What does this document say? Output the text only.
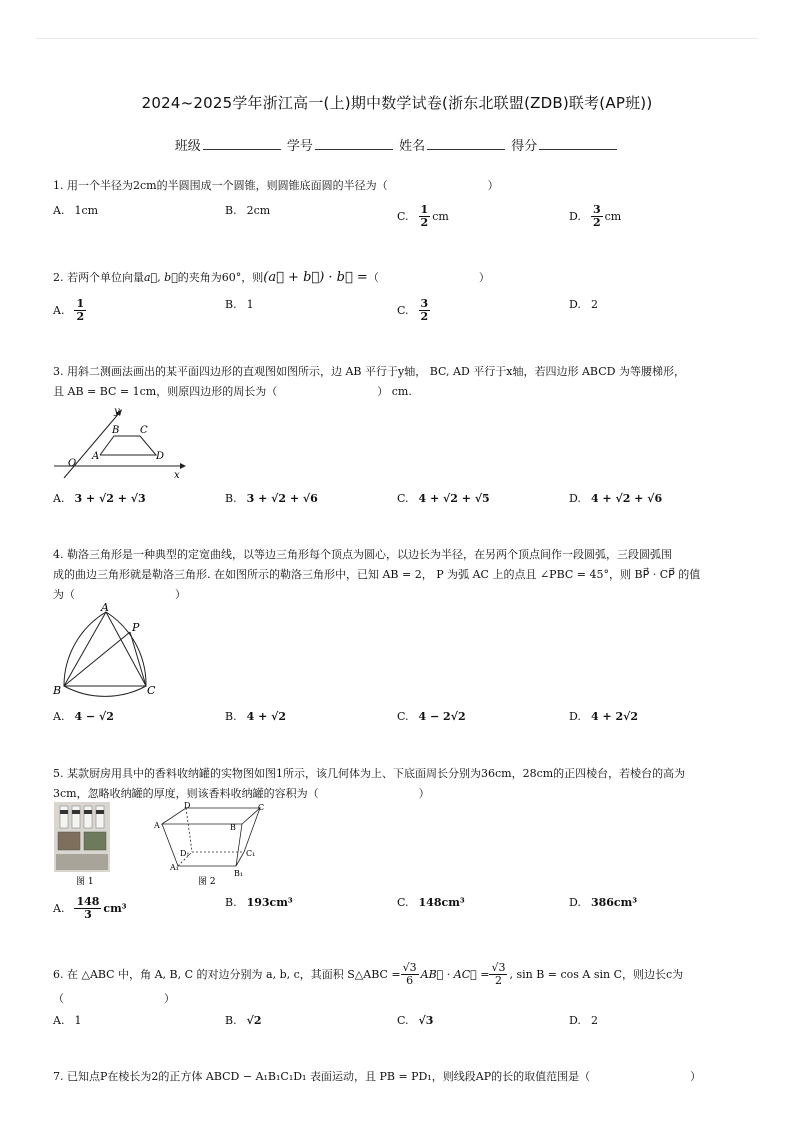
2024~2025学年浙江高一(上)期中数学试卷(浙东北联盟(ZDB)联考(AP班))
班级	学号	姓名	得分
1. 用一个半径为2cm的半圆围成一个圆锥，则圆锥底面圆的半径为（	）
A. 1cm	B. 2cm	C. $\frac{1}{2}$ cm	D. $\frac{3}{2}$ cm
2. 若两个单位向量a⃗, b⃗的夹角为60°，则(a⃗ + b⃗) · b⃗ =（	）
A. $\frac{1}{2}$	B. 1	C. $\frac{3}{2}$	D. 2
3. 用斜二测画法画出的某平面四边形的直观图如图所示，边 AB 平行于y轴， BC, AD 平行于x轴，若四边形 ABCD 为等腰梯形，
且 AB = BC = 1cm，则原四边形的周长为（	） cm.
y
x
O
A
B C
D
A. 3 + √2 + √3	B. 3 + √2 + √6	C. 4 + √2 + √5	D. 4 + √2 + √6
4. 勒洛三角形是一种典型的定宽曲线，以等边三角形每个顶点为圆心，以边长为半径，在另两个顶点间作一段圆弧，三段圆弧围
成的曲边三角形就是勒洛三角形. 在如图所示的勒洛三角形中，已知 AB = 2， P 为弧 AC 上的点且 ∠PBC = 45°，则 BP⃗ · CP⃗ 的值
为（	）
A
B	C
P
A. 4 − √2	B. 4 + √2	C. 4 − 2√2	D. 4 + 2√2
5. 某款厨房用具中的香料收纳罐的实物图如图1所示，该几何体为上、下底面周长分别为36cm，28cm的正四棱台，若棱台的高为
3cm，忽略收纳罐的厚度，则该香料收纳罐的容积为（	）
图 1
A	B
C
D
A₁
B₁
C₁
D₁
图 2
A. $\frac{148}{3} cm^3$	B. 193cm³	C. 148cm³	D. 386cm³
6. 在 △ABC 中，角 A, B, C 的对边分别为 a, b, c，其面积 S△ABC = $\frac{√3}{6}$ AB⃗ · AC⃗ = $\frac{√3}{2}$ , sin B = cos A sin C，则边长c为
（	）
A. 1	B. √2	C. √3	D. 2
7. 已知点P在棱长为2的正方体 ABCD − A₁B₁C₁D₁ 表面运动，且 PB = PD₁，则线段AP的长的取值范围是（	）
